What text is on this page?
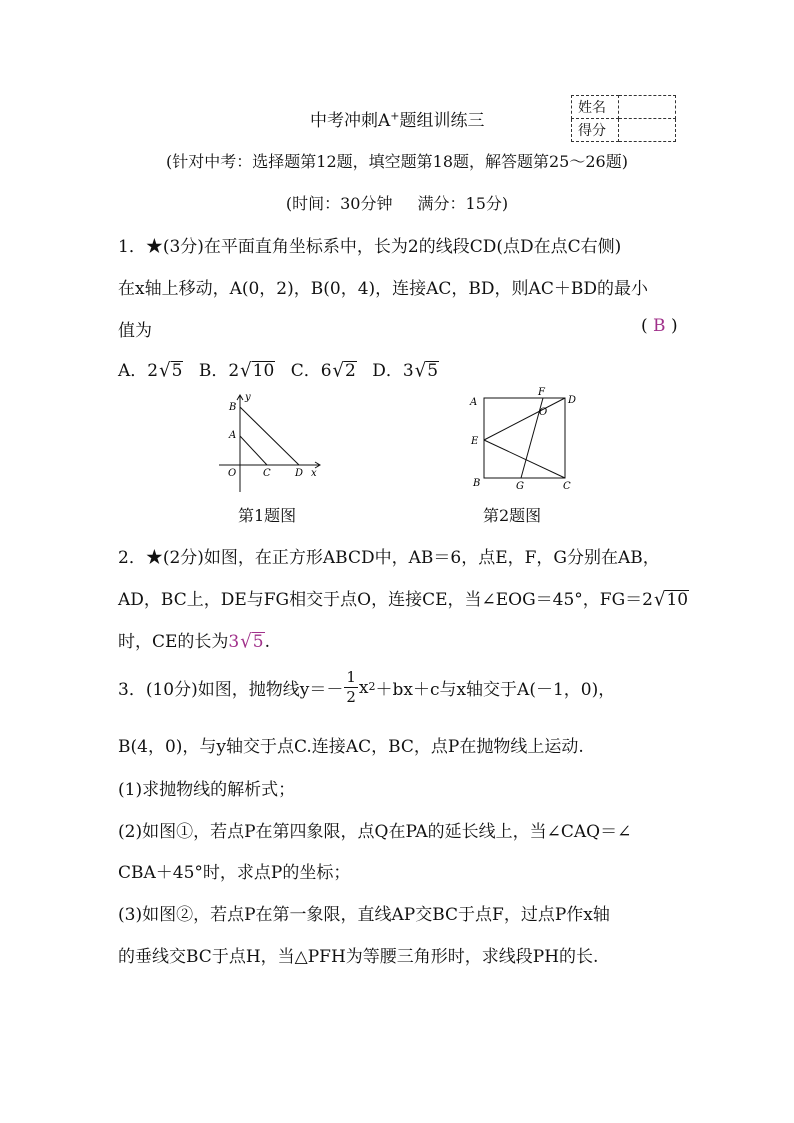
中考冲刺A+题组训练三
姓名	
得分	
(针对中考：选择题第12题，填空题第18题，解答题第25～26题)
(时间：30分钟 满分：15分)
1．★(3分)在平面直角坐标系中，长为2的线段CD(点D在点C右侧)
在x轴上移动，A(0，2)，B(0，4)，连接AC，BD，则AC＋BD的最小
值为	( B )
A．2√5 B．2√10 C．6√2 D．3√5
y
B
A
O	C D x
第1题图
A
F
D
O
E
B	G	C
第2题图
2．★(2分)如图，在正方形ABCD中，AB＝6，点E，F，G分别在AB，
AD，BC上，DE与FG相交于点O，连接CE，当∠EOG＝45°，FG＝2√10
时，CE的长为3√5.
3．(10分)如图，抛物线$y=- \frac{1}{2}$ x 2 ＋bx＋c与x轴交于A(－1，0)，
B(4，0)，与y轴交于点C.连接AC，BC，点P在抛物线上运动.
(1)求抛物线的解析式；
(2)如图①，若点P在第四象限，点Q在PA的延长线上，当∠CAQ＝∠
CBA＋45°时，求点P的坐标；
(3)如图②，若点P在第一象限，直线AP交BC于点F，过点P作x轴
的垂线交BC于点H，当△PFH为等腰三角形时，求线段PH的长.
